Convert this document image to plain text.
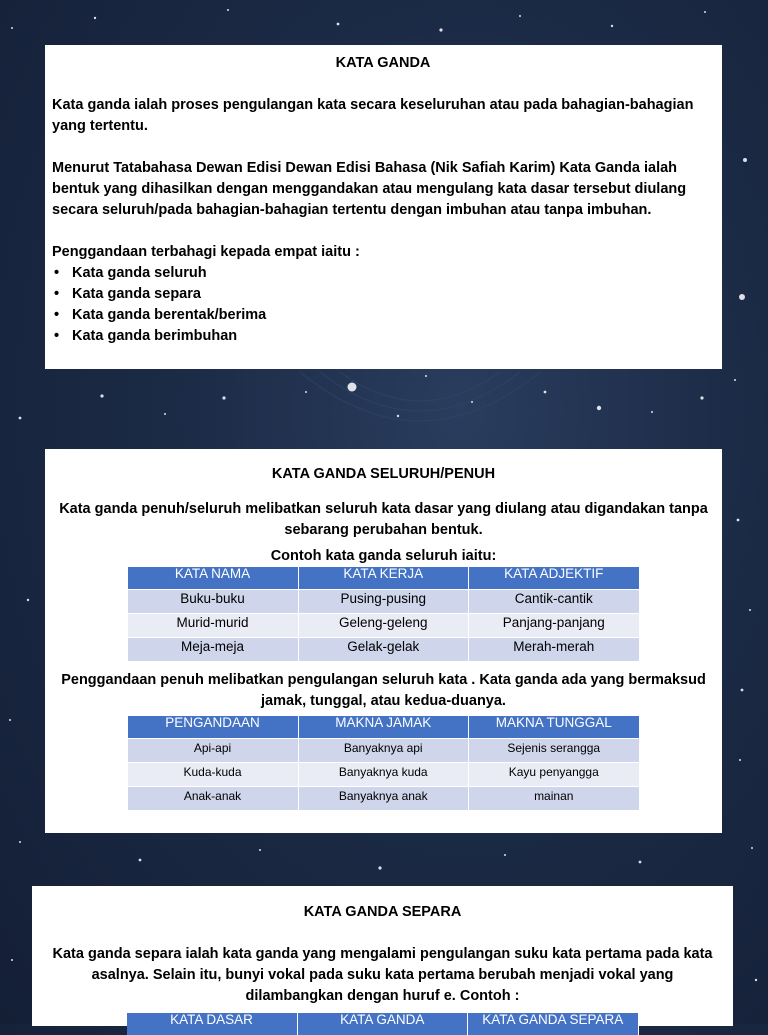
KATA GANDA

Kata ganda ialah proses pengulangan kata secara keseluruhan atau pada bahagian-bahagian yang tertentu.

Menurut Tatabahasa Dewan Edisi Dewan Edisi Bahasa (Nik Safiah Karim) Kata Ganda ialah bentuk yang dihasilkan dengan menggandakan atau mengulang kata dasar tersebut diulang secara seluruh/pada bahagian-bahagian tertentu dengan imbuhan atau tanpa imbuhan.

Penggandaan terbahagi kepada empat iaitu :

• Kata ganda seluruh
• Kata ganda separa
• Kata ganda berentak/berima
• Kata ganda berimbuhan

KATA GANDA SELURUH/PENUH

Kata ganda penuh/seluruh melibatkan seluruh kata dasar yang diulang atau digandakan tanpa sebarang perubahan bentuk.

Contoh kata ganda seluruh iaitu:

KATA NAMA	KATA KERJA	KATA ADJEKTIF
Buku-buku	Pusing-pusing	Cantik-cantik
Murid-murid	Geleng-geleng	Panjang-panjang
Meja-meja	Gelak-gelak	Merah-merah

Penggandaan penuh melibatkan pengulangan seluruh kata . Kata ganda ada yang bermaksud jamak, tunggal, atau kedua-duanya.

PENGANDAAN	MAKNA JAMAK	MAKNA TUNGGAL
Api-api	Banyaknya api	Sejenis serangga
Kuda-kuda	Banyaknya kuda	Kayu penyangga
Anak-anak	Banyaknya anak	mainan

KATA GANDA SEPARA

Kata ganda separa ialah kata ganda yang mengalami pengulangan suku kata pertama pada kata asalnya. Selain itu, bunyi vokal pada suku kata pertama berubah menjadi vokal yang dilambangkan dengan huruf e. Contoh :

KATA DASAR	KATA GANDA	KATA GANDA SEPARA
